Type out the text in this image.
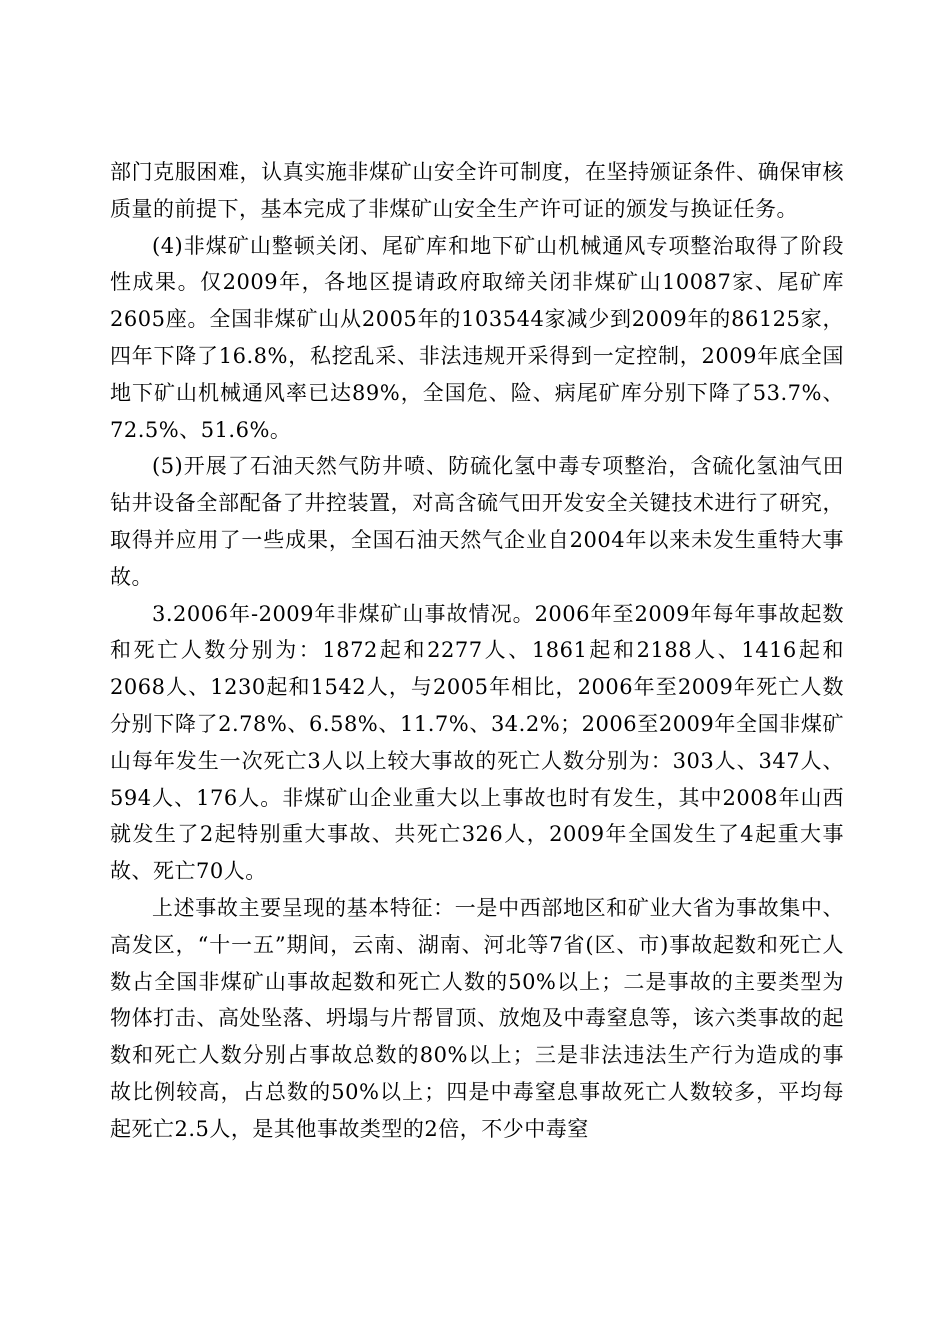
部门克服困难，认真实施非煤矿山安全许可制度，在坚持颁证条件、确保审核质量的前提下，基本完成了非煤矿山安全生产许可证的颁发与换证任务。

(4)非煤矿山整顿关闭、尾矿库和地下矿山机械通风专项整治取得了阶段性成果。仅2009年，各地区提请政府取缔关闭非煤矿山10087家、尾矿库2605座。全国非煤矿山从2005年的103544家减少到2009年的86125家，四年下降了16.8%，私挖乱采、非法违规开采得到一定控制，2009年底全国地下矿山机械通风率已达89%，全国危、险、病尾矿库分别下降了53.7%、72.5%、51.6%。

(5)开展了石油天然气防井喷、防硫化氢中毒专项整治，含硫化氢油气田钻井设备全部配备了井控装置，对高含硫气田开发安全关键技术进行了研究，取得并应用了一些成果，全国石油天然气企业自2004年以来未发生重特大事故。

3.2006年-2009年非煤矿山事故情况。2006年至2009年每年事故起数和死亡人数分别为：1872起和2277人、1861起和2188人、1416起和2068人、1230起和1542人，与2005年相比，2006年至2009年死亡人数分别下降了2.78%、6.58%、11.7%、34.2%；2006至2009年全国非煤矿山每年发生一次死亡3人以上较大事故的死亡人数分别为：303人、347人、594人、176人。非煤矿山企业重大以上事故也时有发生，其中2008年山西就发生了2起特别重大事故、共死亡326人，2009年全国发生了4起重大事故、死亡70人。

上述事故主要呈现的基本特征：一是中西部地区和矿业大省为事故集中、高发区，“十一五”期间，云南、湖南、河北等7省(区、市)事故起数和死亡人数占全国非煤矿山事故起数和死亡人数的50%以上；二是事故的主要类型为物体打击、高处坠落、坍塌与片帮冒顶、放炮及中毒窒息等，该六类事故的起数和死亡人数分别占事故总数的80%以上；三是非法违法生产行为造成的事故比例较高，占总数的50%以上；四是中毒窒息事故死亡人数较多，平均每起死亡2.5人，是其他事故类型的2倍，不少中毒窒
